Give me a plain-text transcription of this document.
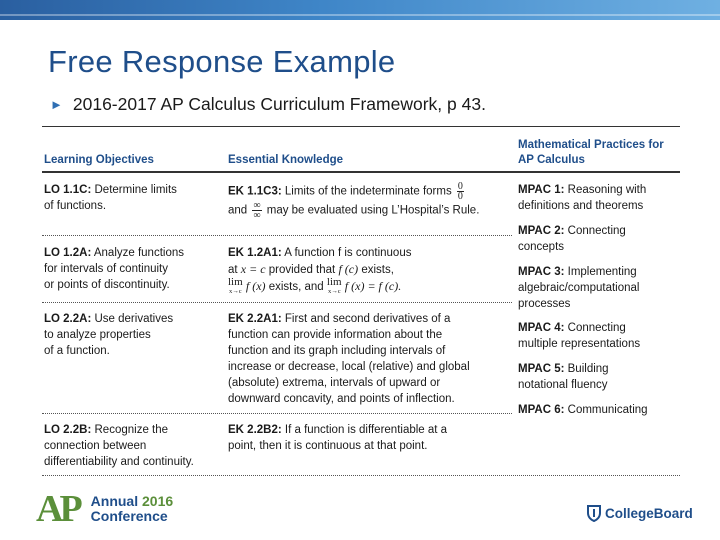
Free Response Example
► 2016-2017 AP Calculus Curriculum Framework, p 43.
Learning Objectives	Essential Knowledge
Mathematical Practices for AP Calculus
LO 1.1C: Determine limits
of functions.
LO 1.2A: Analyze functions
for intervals of continuity
or points of discontinuity.
LO 2.2A: Use derivatives
to analyze properties
of a function.
LO 2.2B: Recognize the
connection between
differentiability and continuity.
EK 1.1C3: Limits of the indeterminate forms $\frac{0}{0}$

and $\frac{\infty}{\infty}$ may be evaluated using L’Hospital’s Rule.
EK 1.2A1: A function f is continuous
at x = c provided that f (c) exists,

lim
x→c f (x) exists, and lim
x→c f (x) = f (c).
EK 2.2A1: First and second derivatives of a
function can provide information about the
function and its graph including intervals of
increase or decrease, local (relative) and global
(absolute) extrema, intervals of upward or
downward concavity, and points of inflection.
EK 2.2B2: If a function is differentiable at a
point, then it is continuous at that point.
MPAC 1: Reasoning with
definitions and theorems
MPAC 2: Connecting
concepts
MPAC 3: Implementing
algebraic/computational
processes
MPAC 4: Connecting
multiple representations
MPAC 5: Building
notational fluency
MPAC 6: Communicating
AP Annual 2016
Conference	CollegeBoard
